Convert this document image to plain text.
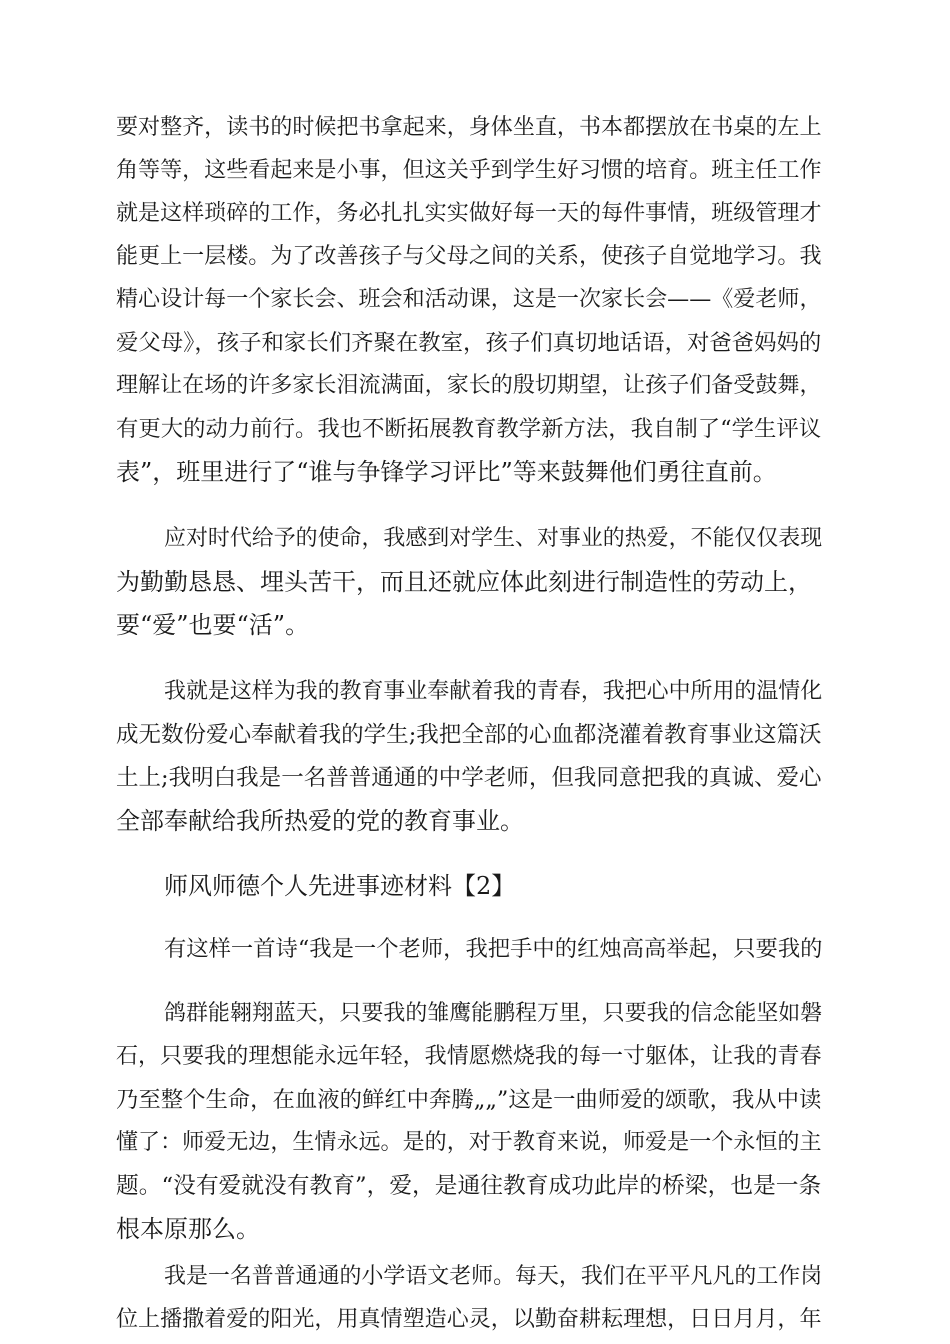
要对整齐，读书的时候把书拿起来，身体坐直，书本都摆放在书桌的左上
角等等，这些看起来是小事，但这关乎到学生好习惯的培育。班主任工作
就是这样琐碎的工作，务必扎扎实实做好每一天的每件事情，班级管理才
能更上一层楼。为了改善孩子与父母之间的关系，使孩子自觉地学习。我
精心设计每一个家长会、班会和活动课，这是一次家长会——《爱老师，
爱父母》，孩子和家长们齐聚在教室，孩子们真切地话语，对爸爸妈妈的
理解让在场的许多家长泪流满面，家长的殷切期望，让孩子们备受鼓舞，
有更大的动力前行。我也不断拓展教育教学新方法，我自制了“学生评议
表”，班里进行了“谁与争锋学习评比”等来鼓舞他们勇往直前。
应对时代给予的使命，我感到对学生、对事业的热爱，不能仅仅表现
为勤勤恳恳、埋头苦干，而且还就应体此刻进行制造性的劳动上，
要“爱”也要“活”。
我就是这样为我的教育事业奉献着我的青春，我把心中所用的温情化
成无数份爱心奉献着我的学生;我把全部的心血都浇灌着教育事业这篇沃
土上;我明白我是一名普普通通的中学老师，但我同意把我的真诚、爱心
全部奉献给我所热爱的党的教育事业。
师风师德个人先进事迹材料【2】
有这样一首诗“我是一个老师，我把手中的红烛高高举起，只要我的
鸽群能翱翔蓝天，只要我的雏鹰能鹏程万里，只要我的信念能坚如磐
石，只要我的理想能永远年轻，我情愿燃烧我的每一寸躯体，让我的青春
乃至整个生命，在血液的鲜红中奔腾„„”这是一曲师爱的颂歌，我从中读
懂了：师爱无边，生情永远。是的，对于教育来说，师爱是一个永恒的主
题。“没有爱就没有教育”，爱，是通往教育成功此岸的桥梁，也是一条
根本原那么。
我是一名普普通通的小学语文老师。每天，我们在平平凡凡的工作岗
位上播撒着爱的阳光，用真情塑造心灵，以勤奋耕耘理想，日日月月，年
